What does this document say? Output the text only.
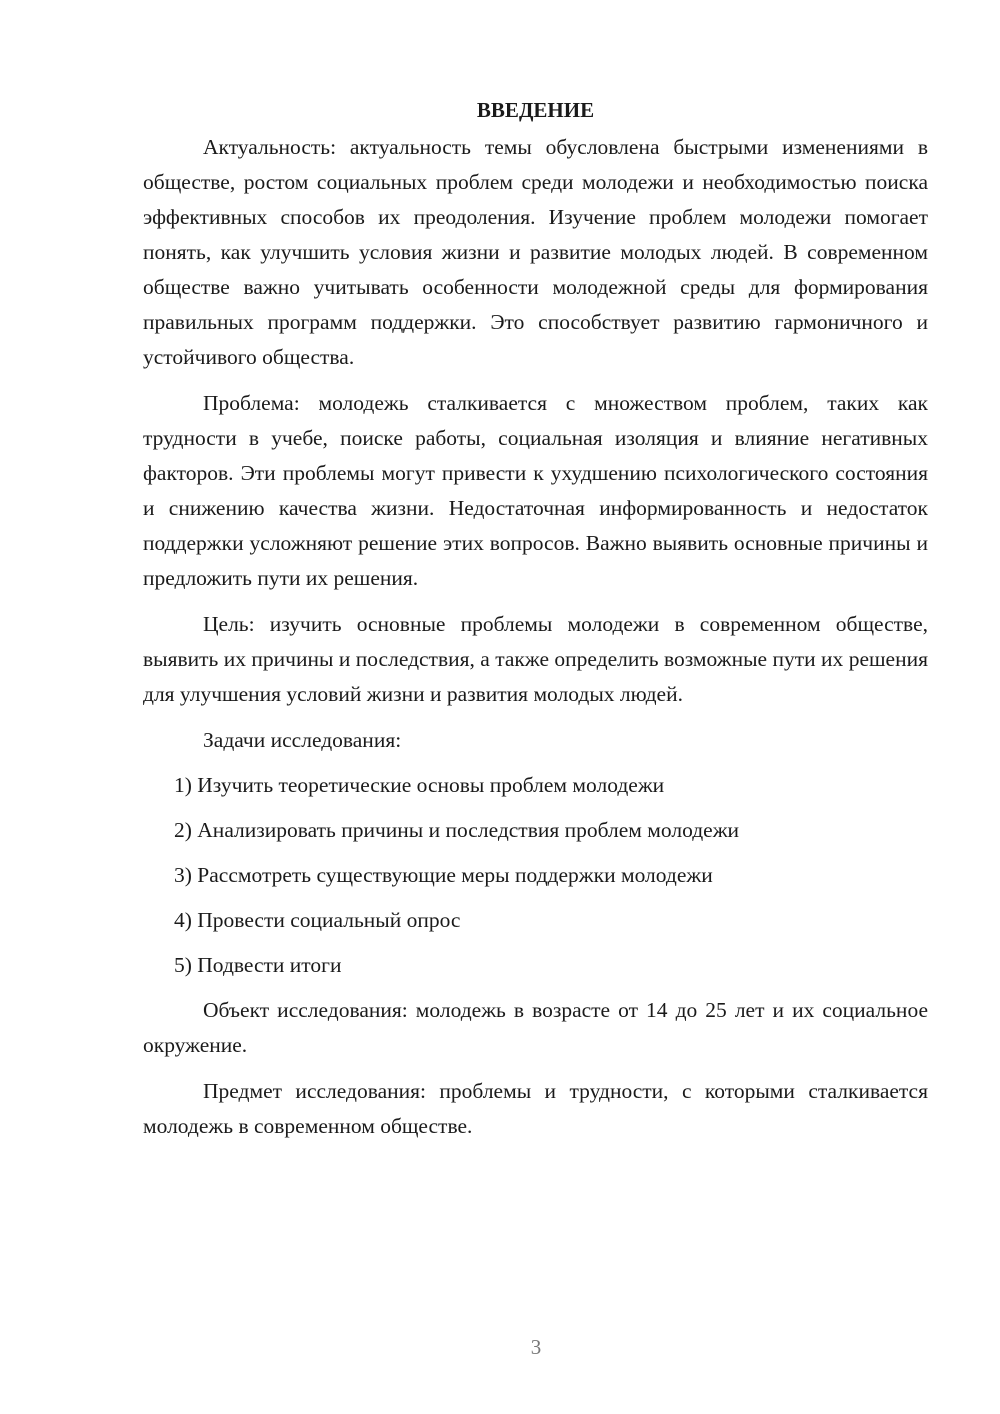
ВВЕДЕНИЕ

Актуальность: актуальность темы обусловлена быстрыми изменениями в обществе, ростом социальных проблем среди молодежи и необходимостью поиска эффективных способов их преодоления. Изучение проблем молодежи помогает понять, как улучшить условия жизни и развитие молодых людей. В современном обществе важно учитывать особенности молодежной среды для формирования правильных программ поддержки. Это способствует развитию гармоничного и устойчивого общества.

Проблема: молодежь сталкивается с множеством проблем, таких как трудности в учебе, поиске работы, социальная изоляция и влияние негативных факторов. Эти проблемы могут привести к ухудшению психологического состояния и снижению качества жизни. Недостаточная информированность и недостаток поддержки усложняют решение этих вопросов. Важно выявить основные причины и предложить пути их решения.

Цель: изучить основные проблемы молодежи в современном обществе, выявить их причины и последствия, а также определить возможные пути их решения для улучшения условий жизни и развития молодых людей.

Задачи исследования:
1) Изучить теоретические основы проблем молодежи
2) Анализировать причины и последствия проблем молодежи
3) Рассмотреть существующие меры поддержки молодежи
4) Провести социальный опрос
5) Подвести итоги

Объект исследования: молодежь в возрасте от 14 до 25 лет и их социальное окружение.

Предмет исследования: проблемы и трудности, с которыми сталкивается молодежь в современном обществе.

3
